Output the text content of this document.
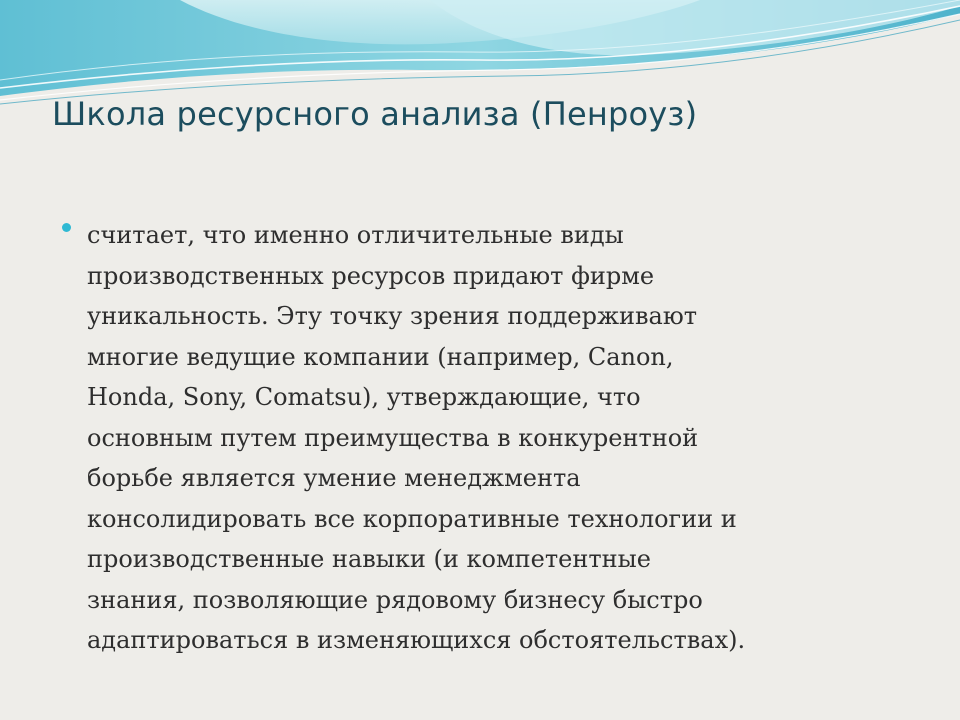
Школа ресурсного анализа (Пенроуз)

считает, что именно отличительные виды
производственных ресурсов придают фирме
уникальность. Эту точку зрения поддерживают
многие ведущие компании (например, Canon,
Honda, Sony, Comatsu), утверждающие, что
основным путем преимущества в конкурентной
борьбе является умение менеджмента
консолидировать все корпоративные технологии и
производственные навыки (и компетентные
знания, позволяющие рядовому бизнесу быстро
адаптироваться в изменяющихся обстоятельствах).
